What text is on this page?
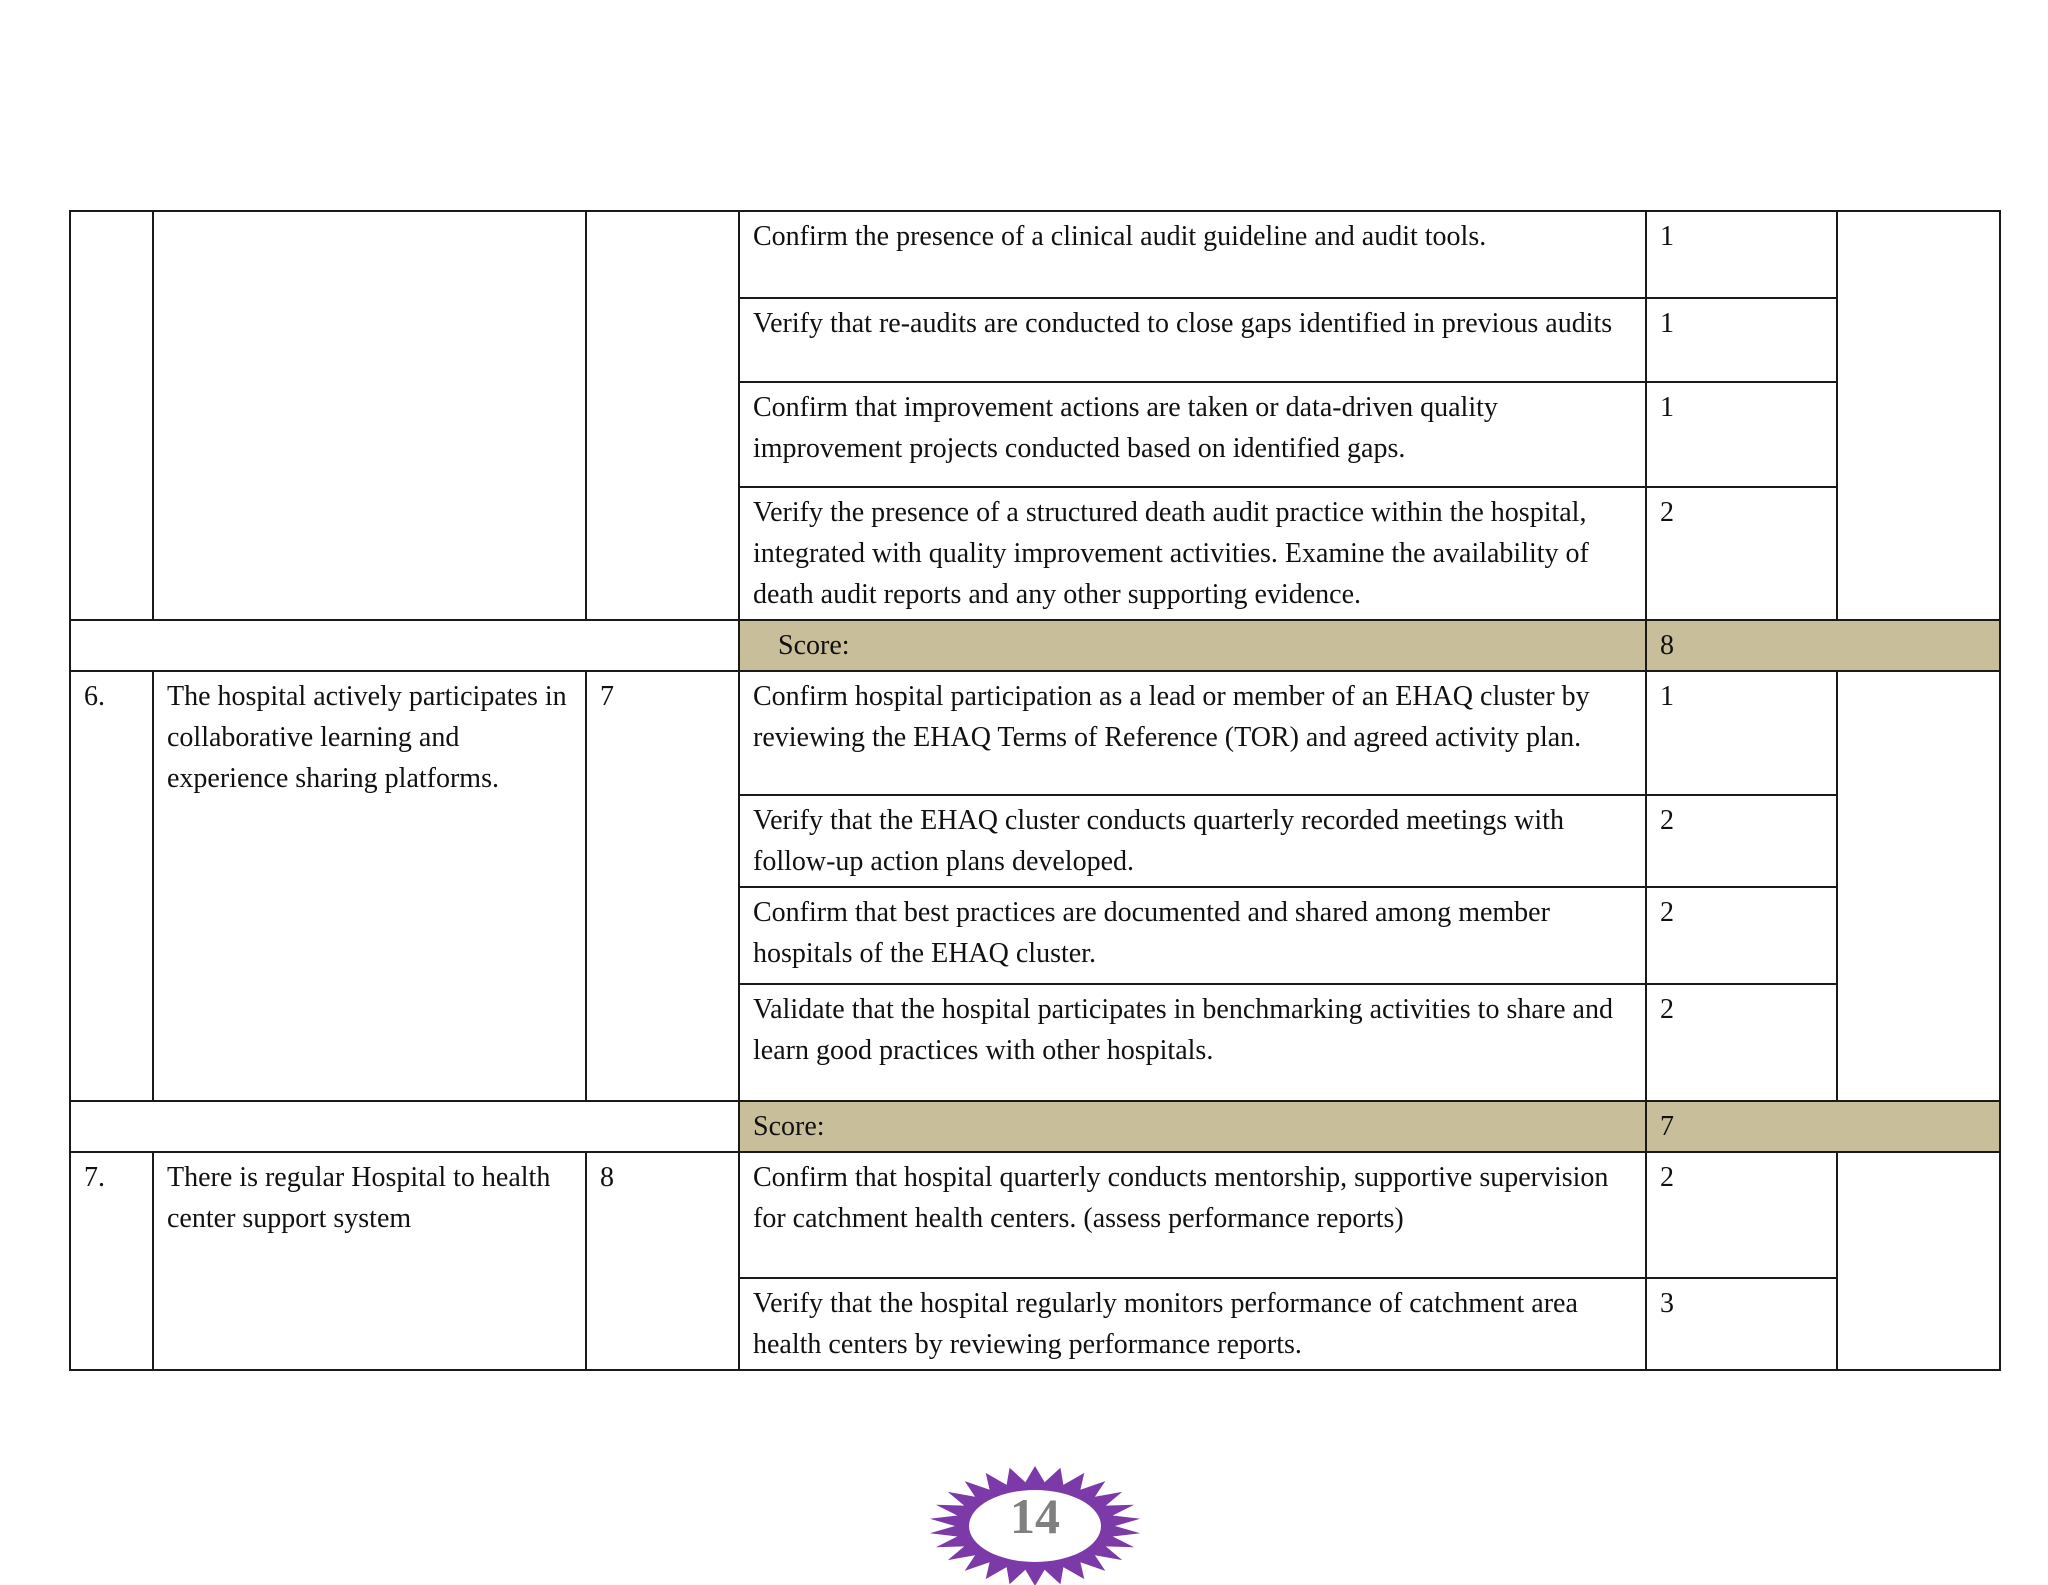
			Confirm the presence of a clinical audit guideline and audit tools.	1	
			Verify that re-audits are conducted to close gaps identified in previous audits	1	
			Confirm that improvement actions are taken or data-driven quality improvement projects conducted based on identified gaps.	1	
			Verify the presence of a structured death audit practice within the hospital, integrated with quality improvement activities. Examine the availability of death audit reports and any other supporting evidence.	2	
			Score:	8	
6.	The hospital actively participates in collaborative learning and experience sharing platforms.	7	Confirm hospital participation as a lead or member of an EHAQ cluster by reviewing the EHAQ Terms of Reference (TOR) and agreed activity plan.	1	
			Verify that the EHAQ cluster conducts quarterly recorded meetings with follow-up action plans developed.	2	
			Confirm that best practices are documented and shared among member hospitals of the EHAQ cluster.	2	
			Validate that the hospital participates in benchmarking activities to share and learn good practices with other hospitals.	2	
			Score:	7	
7.	There is regular Hospital to health center support system	8	Confirm that hospital quarterly conducts mentorship, supportive supervision for catchment health centers. (assess performance reports)	2	
			Verify that the hospital regularly monitors performance of catchment area health centers by reviewing performance reports.	3	
14
